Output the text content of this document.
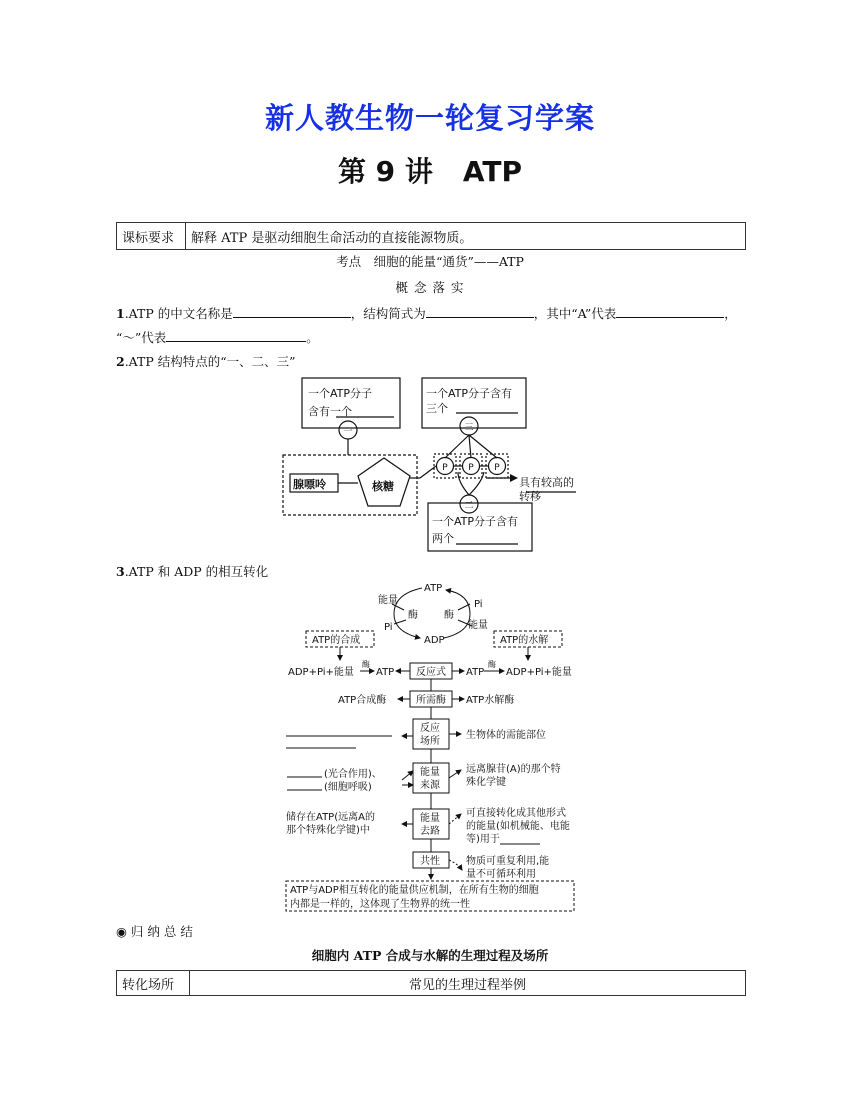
新人教生物一轮复习学案
第 9 讲 ATP
课标要求	解释 ATP 是驱动细胞生命活动的直接能源物质。
考点　细胞的能量“通货”——ATP
概 念 落 实
1.ATP 的中文名称是	，结构简式为	，其中“A”代表	，
“～”代表	。
2.ATP 结构特点的“一、二、三”
一个ATP分子
含有一个
一个ATP分子含有
三个
腺嘌呤	核糖	具有较高的
转移
一个ATP分子含有
两个
一	三
二
P P P
3.ATP 和 ADP 的相互转化
ATP
ADP
能量
Pi
Pi
能量
酶	酶
ATP的合成	ATP的水解
ADP+Pi+能量
酶
ATP 反应式 ATP
酶
ADP+Pi+能量
所需酶
ATP合成酶	ATP水解酶
反应
场所
生物体的需能部位
能量
来源
(光合作用)、
(细胞呼吸)
远离腺苷(A)的那个特
殊化学键
能量
去路
储存在ATP(远离A的
那个特殊化学键)中
可直接转化成其他形式
的能量(如机械能、电能
等)用于
共性	物质可重复利用,能
量不可循环利用
ATP与ADP相互转化的能量供应机制，在所有生物的细胞
内都是一样的，这体现了生物界的统一性
◉ 归 纳 总 结
细胞内 ATP 合成与水解的生理过程及场所
转化场所	常见的生理过程举例
